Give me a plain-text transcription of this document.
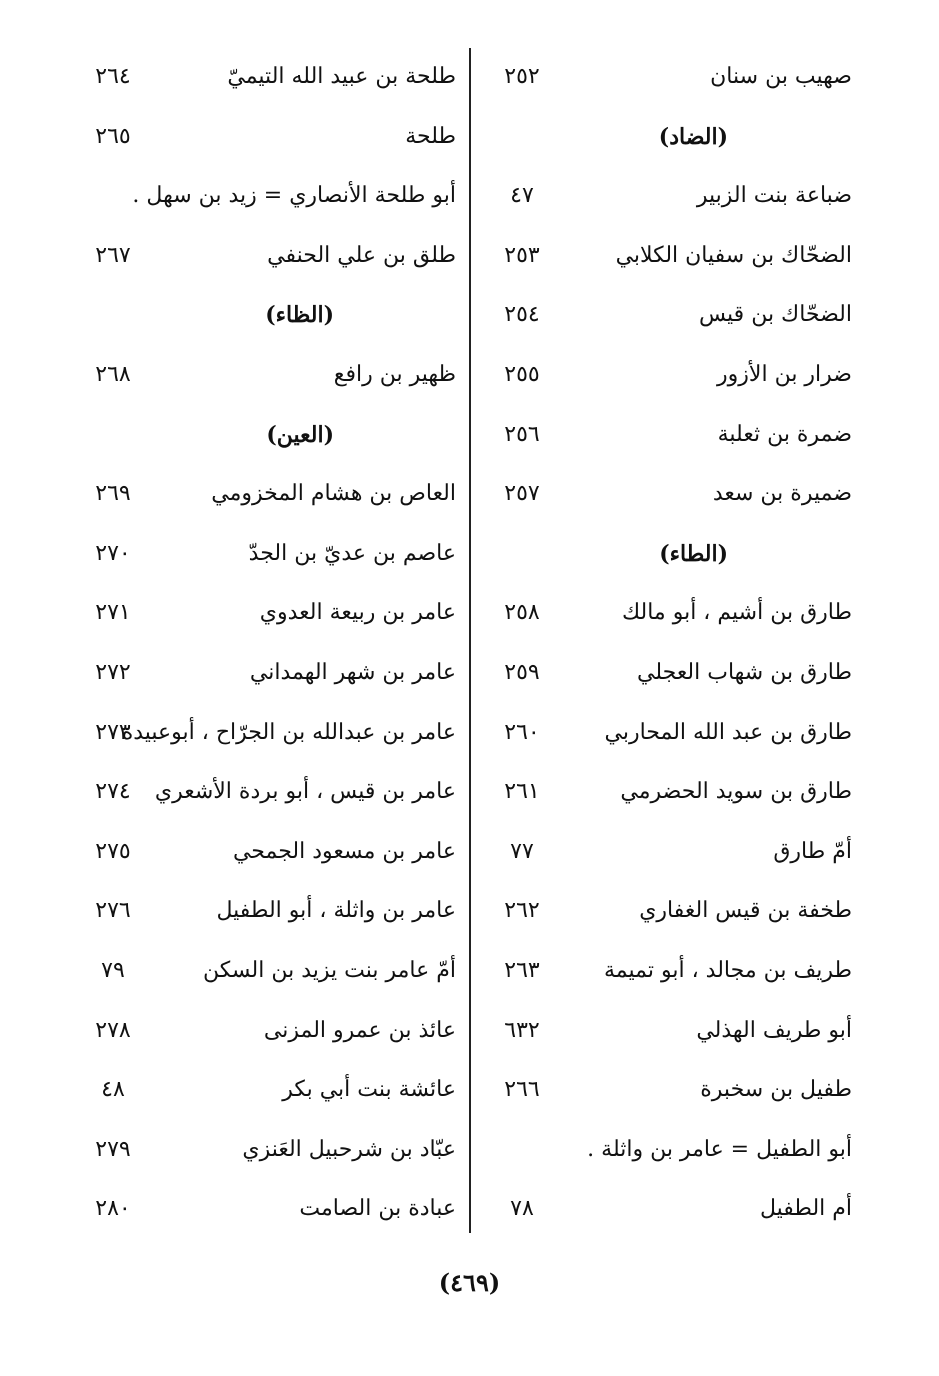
صهيب بن سنان
٢٥٢
(الضاد)
ضباعة بنت الزبير
٤٧
الضحّاك بن سفيان الكلابي
٢٥٣
الضحّاك بن قيس
٢٥٤
ضرار بن الأزور
٢٥٥
ضمرة بن ثعلبة
٢٥٦
ضميرة بن سعد
٢٥٧
(الطاء)
طارق بن أشيم ، أبو مالك
٢٥٨
طارق بن شهاب العجلي
٢٥٩
طارق بن عبد الله المحاربي
٢٦٠
طارق بن سويد الحضرمي
٢٦١
أمّ طارق
٧٧
طخفة بن قيس الغفاري
٢٦٢
طريف بن مجالد ، أبو تميمة
٢٦٣
أبو طريف الهذلي
٦٣٢
طفيل بن سخبرة
٢٦٦
أبو الطفيل = عامر بن واثلة .
أم الطفيل
٧٨
طلحة بن عبيد الله التيميّ
٢٦٤
طلحة
٢٦٥
أبو طلحة الأنصاري = زيد بن سهل .
طلق بن علي الحنفي
٢٦٧
(الظاء)
ظهير بن رافع
٢٦٨
(العين)
العاص بن هشام المخزومي
٢٦٩
عاصم بن عديّ بن الجدّ
٢٧٠
عامر بن ربيعة العدوي
٢٧١
عامر بن شهر الهمداني
٢٧٢
عامر بن عبدالله بن الجرّاح ، أبوعبيدة
٢٧٣
عامر بن قيس ، أبو بردة الأشعري
٢٧٤
عامر بن مسعود الجمحي
٢٧٥
عامر بن واثلة ، أبو الطفيل
٢٧٦
أمّ عامر بنت يزيد بن السكن
٧٩
عائذ بن عمرو المزنى
٢٧٨
عائشة بنت أبي بكر
٤٨
عبّاد بن شرحبيل العَنزي
٢٧٩
عبادة بن الصامت
٢٨٠
(٤٦٩)
